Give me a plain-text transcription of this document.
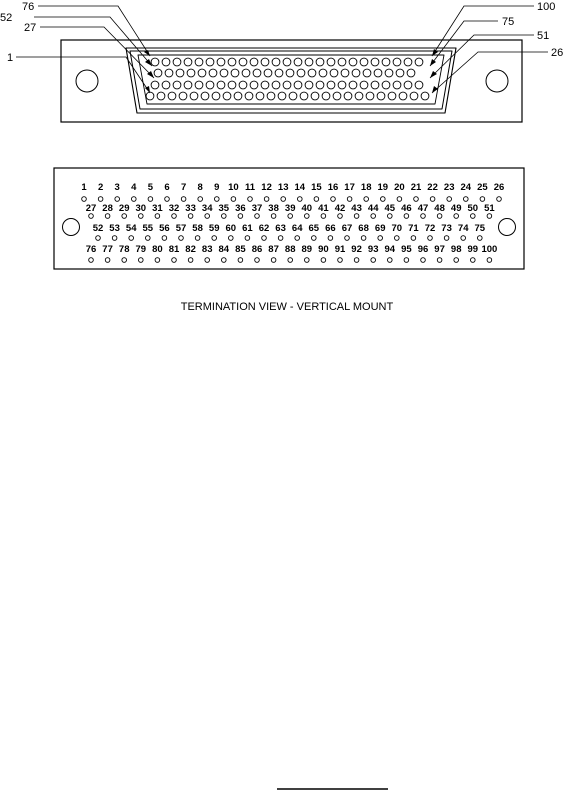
76
52
27
1
100
75
51
26
1 2 3 4 5 6 7 8 9 10 11 12 13 14 15 16 17 18 19 20 21 22 23 24 25 26
27 28 29 30 31 32 33 34 35 36 37 38 39 40 41 42 43 44 45 46 47 48 49 50 51
52 53 54 55 56 57 58 59 60 61 62 63 64 65 66 67 68 69 70 71 72 73 74 75
76 77 78 79 80 81 82 83 84 85 86 87 88 89 90 91 92 93 94 95 96 97 98 99 100
TERMINATION VIEW - VERTICAL MOUNT
